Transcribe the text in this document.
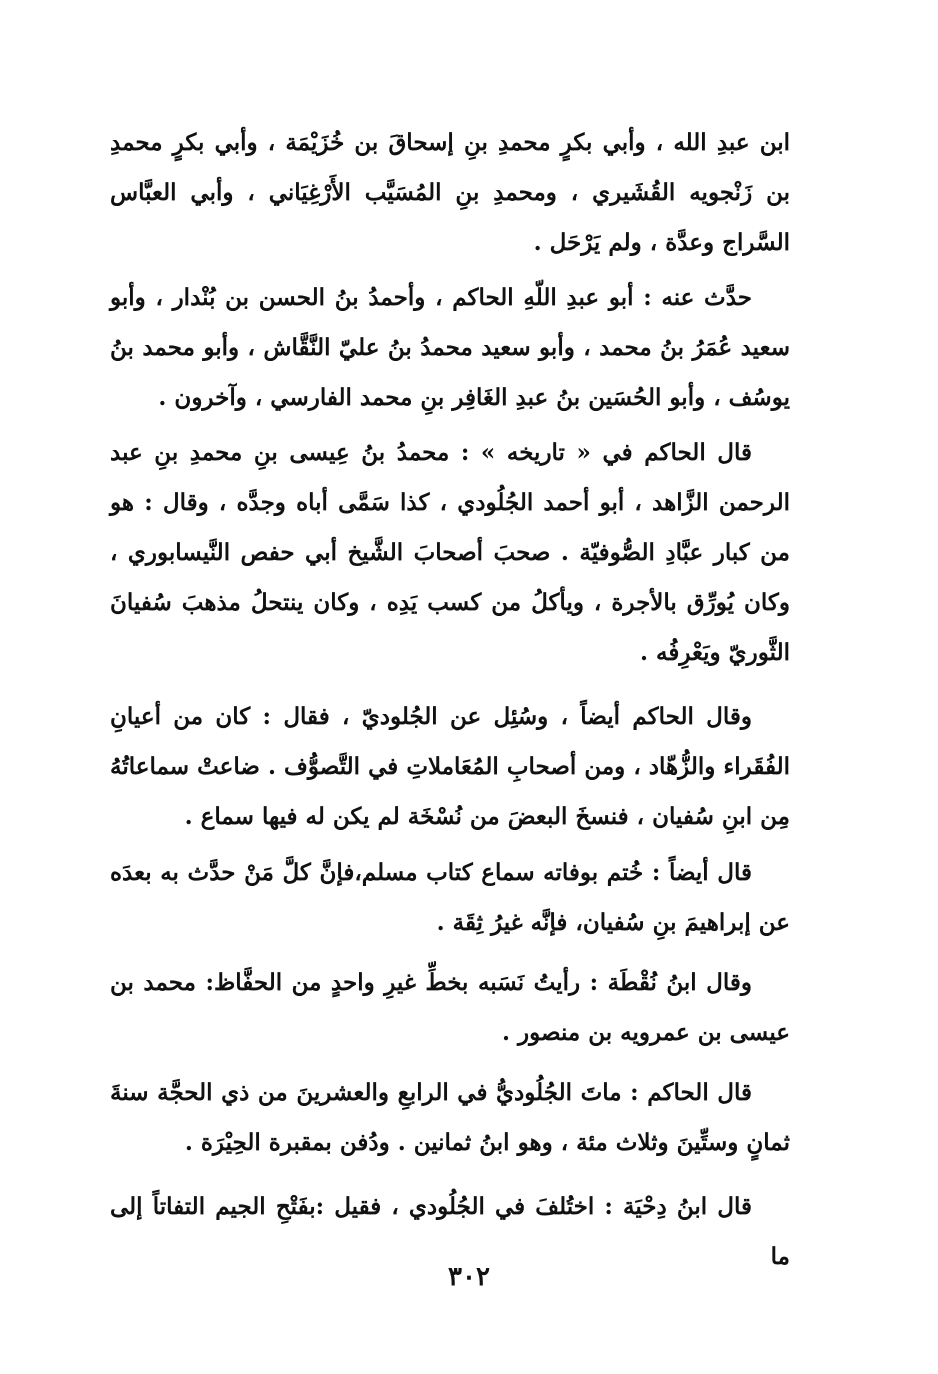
ابن عبدِ الله ، وأبي بكرٍ محمدِ بنِ إسحاقَ بن خُزَيْمَة ، وأبي بكرٍ محمدِ بن زَنْجويه القُشَيري ، ومحمدِ بنِ المُسَيَّب الأَرْغِيَاني ، وأبي العبَّاس السَّراج وعدَّة ، ولم يَرْحَل .

حدَّث عنه : أبو عبدِ اللّهِ الحاكم ، وأحمدُ بنُ الحسن بن بُنْدار ، وأبو سعيد عُمَرُ بنُ محمد ، وأبو سعيد محمدُ بنُ عليّ النَّقَّاش ، وأبو محمد بنُ يوسُف ، وأبو الحُسَين بنُ عبدِ الغَافِر بنِ محمد الفارسي ، وآخرون .

قال الحاكم في « تاريخه » : محمدُ بنُ عِيسى بنِ محمدِ بنِ عبد الرحمن الزَّاهد ، أبو أحمد الجُلُودي ، كذا سَمَّى أباه وجدَّه ، وقال : هو من كبار عبَّادِ الصُّوفيّة . صحبَ أصحابَ الشَّيخ أبي حفص النَّيسابوري ، وكان يُورِّق بالأجرة ، ويأكلُ من كسب يَدِه ، وكان ينتحلُ مذهبَ سُفيانَ الثَّوريّ ويَعْرِفُه .

وقال الحاكم أيضاً ، وسُئِل عن الجُلوديّ ، فقال : كان من أعيانِ الفُقَراء والزُّهّاد ، ومن أصحابِ المُعَاملاتِ في التَّصوُّف . ضاعتْ سماعاتُهُ مِن ابنِ سُفيان ، فنسخَ البعضَ من نُسْخَة لم يكن له فيها سماع .

قال أيضاً : خُتم بوفاته سماع كتاب مسلم،فإنَّ كلَّ مَنْ حدَّث به بعدَه عن إبراهيمَ بنِ سُفيان، فإنَّه غيرُ ثِقَة .

وقال ابنُ نُقْطَة : رأيتُ نَسَبه بخطِّ غيرِ واحدٍ من الحفَّاظ: محمد بن عيسى بن عمرويه بن منصور .

قال الحاكم : ماتَ الجُلُوديُّ في الرابعِ والعشرينَ من ذي الحجَّة سنةَ ثمانٍ وستِّينَ وثلاث مئة ، وهو ابنُ ثمانين . ودُفن بمقبرة الحِيْرَة .

قال ابنُ دِحْيَة : اختُلفَ في الجُلُودي ، فقيل :بفَتْحِ الجيم التفاتاً إلى ما

٣٠٢
